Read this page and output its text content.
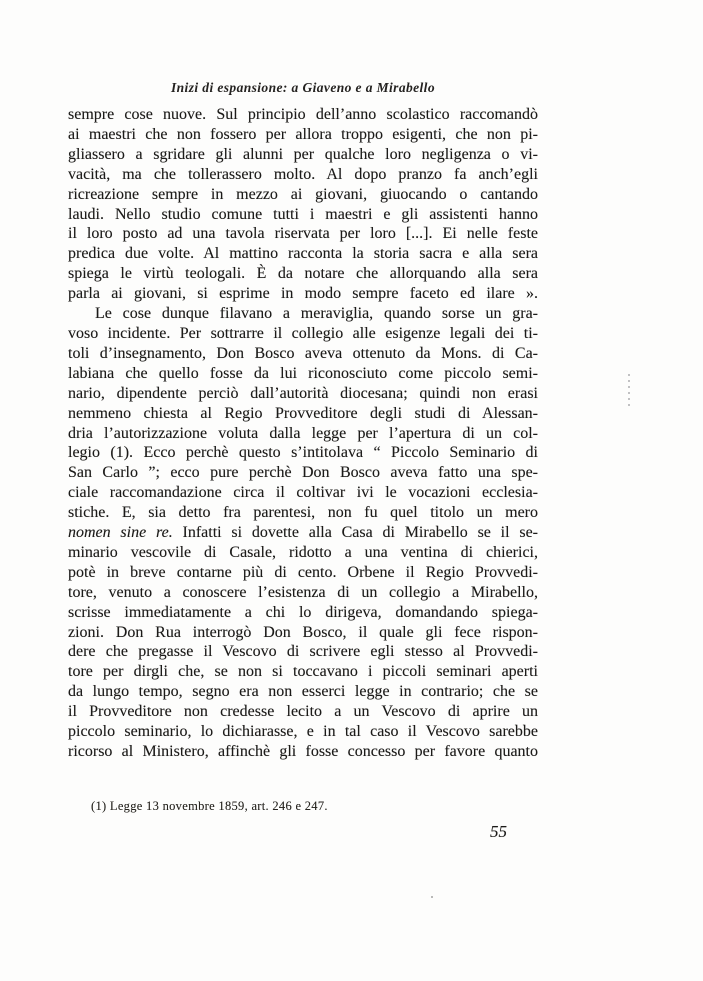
Inizi di espansione: a Giaveno e a Mirabello
sempre cose nuove. Sul principio dell’anno scolastico raccomandò
ai maestri che non fossero per allora troppo esigenti, che non pi-
gliassero a sgridare gli alunni per qualche loro negligenza o vi-
vacità, ma che tollerassero molto. Al dopo pranzo fa anch’egli
ricreazione sempre in mezzo ai giovani, giuocando o cantando
laudi. Nello studio comune tutti i maestri e gli assistenti hanno
il loro posto ad una tavola riservata per loro [...]. Ei nelle feste
predica due volte. Al mattino racconta la storia sacra e alla sera
spiega le virtù teologali. È da notare che allorquando alla sera
parla ai giovani, si esprime in modo sempre faceto ed ilare ».
Le cose dunque filavano a meraviglia, quando sorse un gra-
voso incidente. Per sottrarre il collegio alle esigenze legali dei ti-
toli d’insegnamento, Don Bosco aveva ottenuto da Mons. di Ca-
labiana che quello fosse da lui riconosciuto come piccolo semi-
nario, dipendente perciò dall’autorità diocesana; quindi non erasi
nemmeno chiesta al Regio Provveditore degli studi di Alessan-
dria l’autorizzazione voluta dalla legge per l’apertura di un col-
legio (1). Ecco perchè questo s’intitolava “ Piccolo Seminario di
San Carlo ”; ecco pure perchè Don Bosco aveva fatto una spe-
ciale raccomandazione circa il coltivar ivi le vocazioni ecclesia-
stiche. E, sia detto fra parentesi, non fu quel titolo un mero
nomen sine re. Infatti si dovette alla Casa di Mirabello se il se-
minario vescovile di Casale, ridotto a una ventina di chierici,
potè in breve contarne più di cento. Orbene il Regio Provvedi-
tore, venuto a conoscere l’esistenza di un collegio a Mirabello,
scrisse immediatamente a chi lo dirigeva, domandando spiega-
zioni. Don Rua interrogò Don Bosco, il quale gli fece rispon-
dere che pregasse il Vescovo di scrivere egli stesso al Provvedi-
tore per dirgli che, se non si toccavano i piccoli seminari aperti
da lungo tempo, segno era non esserci legge in contrario; che se
il Provveditore non credesse lecito a un Vescovo di aprire un
piccolo seminario, lo dichiarasse, e in tal caso il Vescovo sarebbe
ricorso al Ministero, affinchè gli fosse concesso per favore quanto
(1) Legge 13 novembre 1859, art. 246 e 247.
55
